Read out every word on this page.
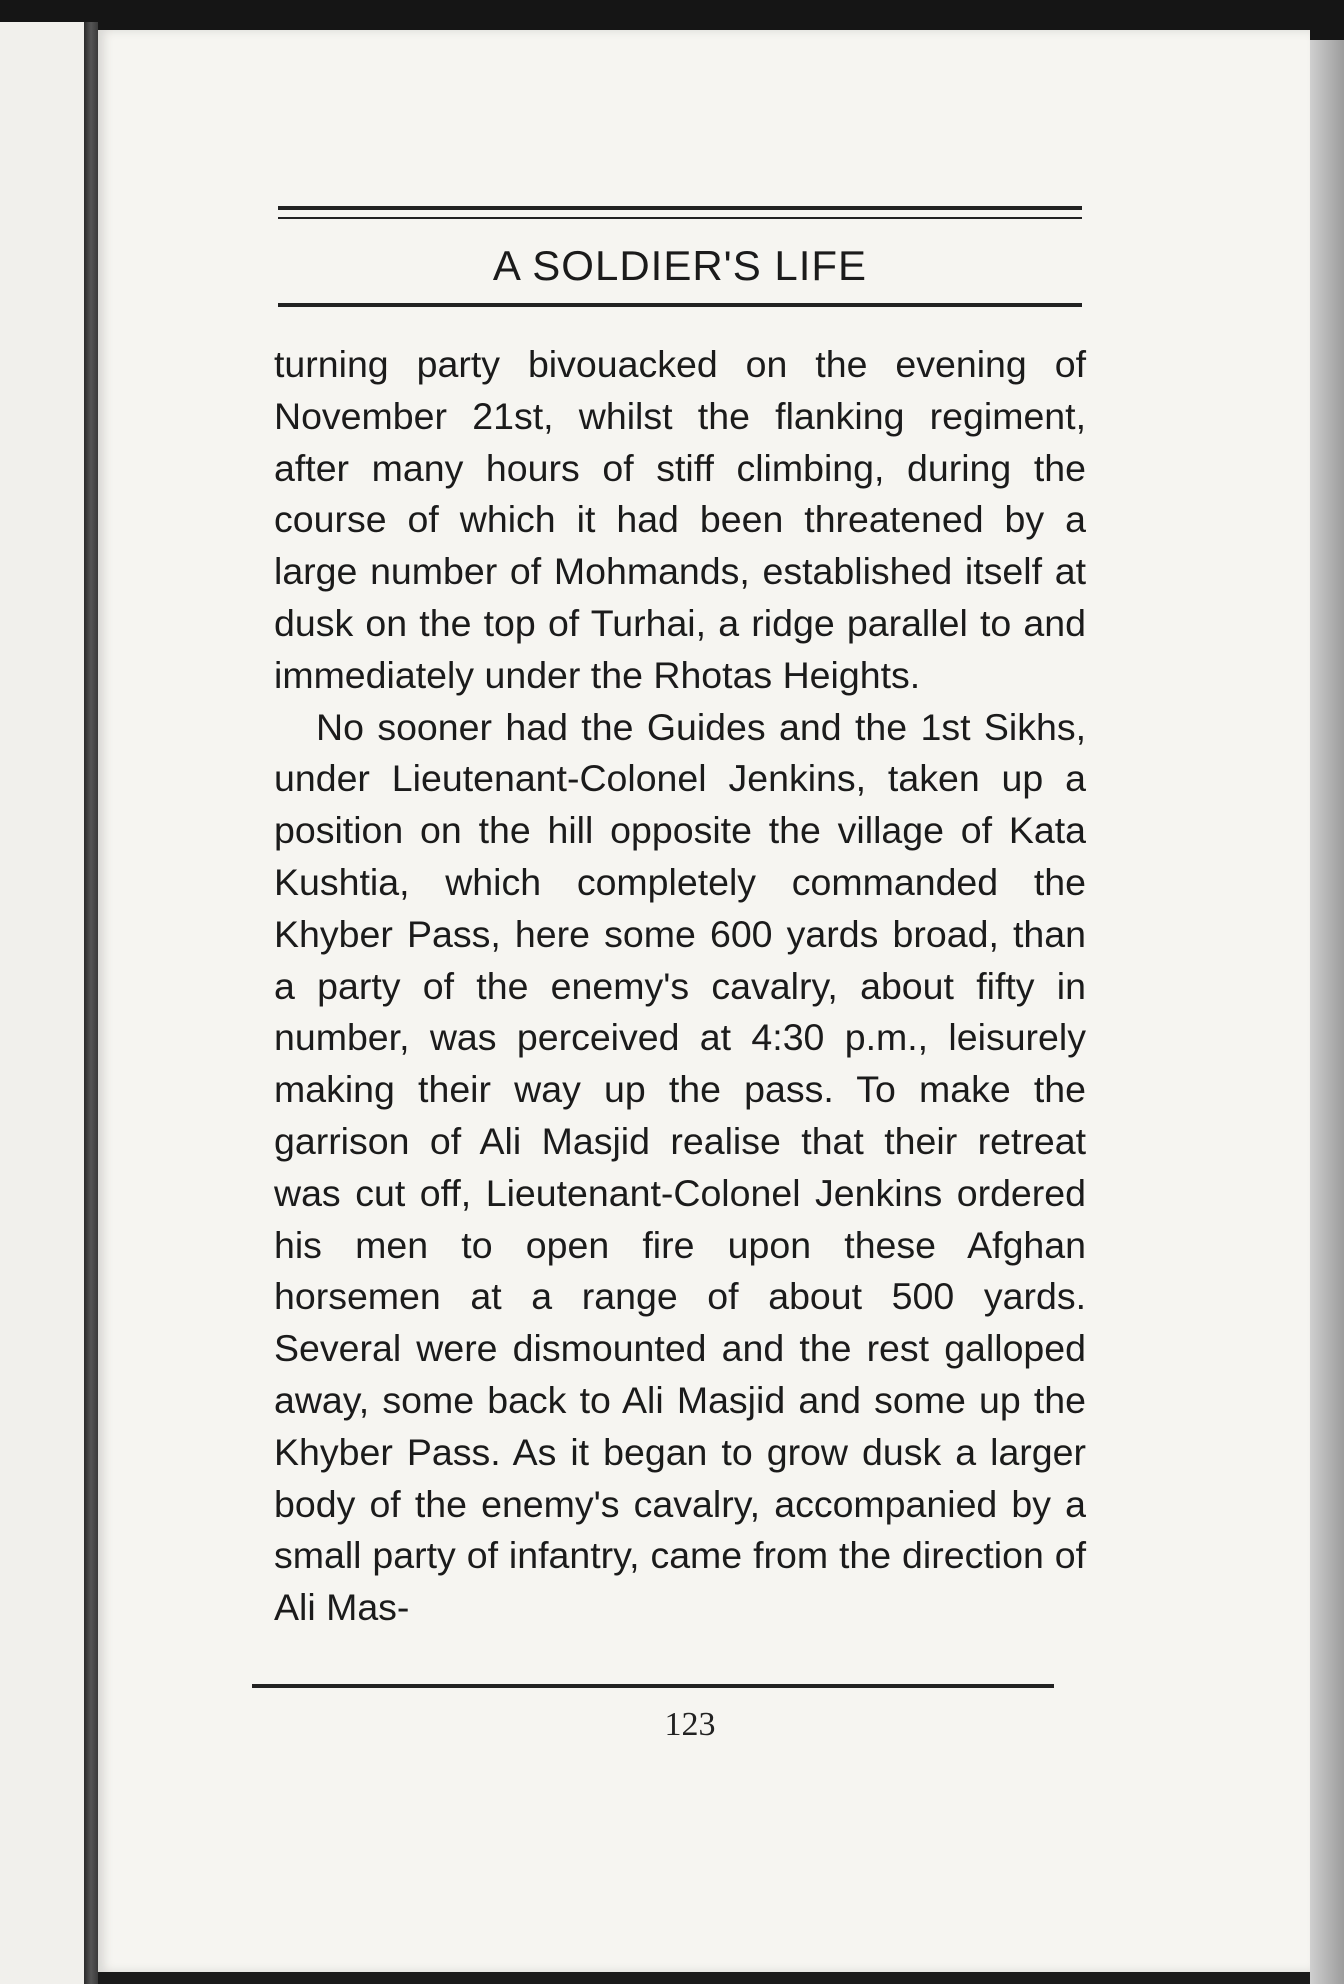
A SOLDIER'S LIFE

turning party bivouacked on the evening of November 21st, whilst the flanking regiment, after many hours of stiff climbing, during the course of which it had been threatened by a large number of Mohmands, established itself at dusk on the top of Turhai, a ridge parallel to and immediately under the Rhotas Heights.

No sooner had the Guides and the 1st Sikhs, under Lieutenant-Colonel Jenkins, taken up a position on the hill opposite the village of Kata Kushtia, which completely commanded the Khyber Pass, here some 600 yards broad, than a party of the enemy's cavalry, about fifty in number, was perceived at 4:30 p.m., leisurely making their way up the pass. To make the garrison of Ali Masjid realise that their retreat was cut off, Lieutenant-Colonel Jenkins ordered his men to open fire upon these Afghan horsemen at a range of about 500 yards. Several were dismounted and the rest galloped away, some back to Ali Masjid and some up the Khyber Pass. As it began to grow dusk a larger body of the enemy's cavalry, accompanied by a small party of infantry, came from the direction of Ali Mas-

123
